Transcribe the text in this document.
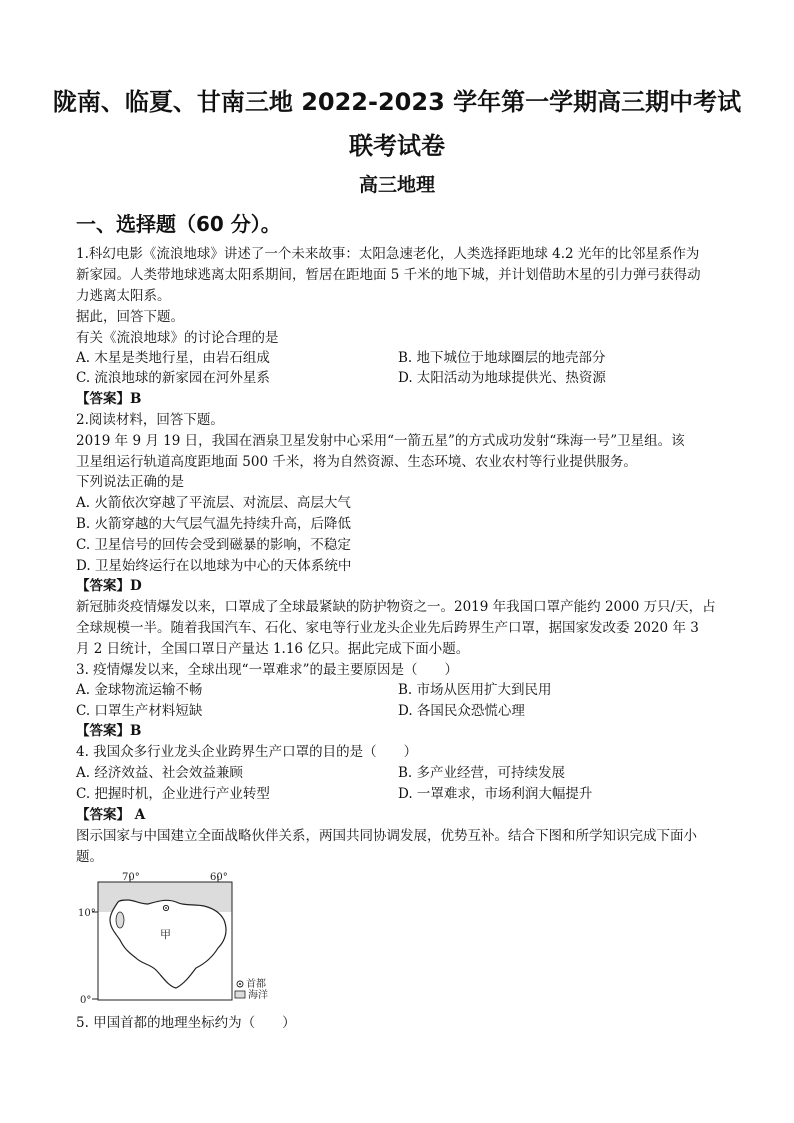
陇南、临夏、甘南三地 2022-2023 学年第一学期高三期中考试
联考试卷
高三地理
一、选择题（60 分）。
1.科幻电影《流浪地球》讲述了一个未来故事：太阳急速老化，人类选择距地球 4.2 光年的比邻星系作为
新家园。人类带地球逃离太阳系期间，暂居在距地面 5 千米的地下城，并计划借助木星的引力弹弓获得动
力逃离太阳系。
据此，回答下题。
有关《流浪地球》的讨论合理的是
A. 木星是类地行星，由岩石组成	B. 地下城位于地球圈层的地壳部分
C. 流浪地球的新家园在河外星系	D. 太阳活动为地球提供光、热资源
【答案】B
2.阅读材料，回答下题。
2019 年 9 月 19 日，我国在酒泉卫星发射中心采用“一箭五星”的方式成功发射“珠海一号”卫星组。该
卫星组运行轨道高度距地面 500 千米，将为自然资源、生态环境、农业农村等行业提供服务。
下列说法正确的是
A. 火箭依次穿越了平流层、对流层、高层大气
B. 火箭穿越的大气层气温先持续升高，后降低
C. 卫星信号的回传会受到磁暴的影响，不稳定
D. 卫星始终运行在以地球为中心的天体系统中
【答案】D
新冠肺炎疫情爆发以来，口罩成了全球最紧缺的防护物资之一。2019 年我国口罩产能约 2000 万只/天，占
全球规模一半。随着我国汽车、石化、家电等行业龙头企业先后跨界生产口罩，据国家发改委 2020 年 3
月 2 日统计，全国口罩日产量达 1.16 亿只。据此完成下面小题。
3. 疫情爆发以来，全球出现“一罩难求”的最主要原因是（　　）
A. 金球物流运输不畅	B. 市场从医用扩大到民用
C. 口罩生产材料短缺	D. 各国民众恐慌心理
【答案】B
4. 我国众多行业龙头企业跨界生产口罩的目的是（　　）
A. 经济效益、社会效益兼顾	B. 多产业经营，可持续发展
C. 把握时机，企业进行产业转型	D. 一罩难求，市场利润大幅提升
【答案】 A
图示国家与中国建立全面战略伙伴关系，两国共同协调发展，优势互补。结合下图和所学知识完成下面小
题。
70°	60°
10°
0°
甲
首都
海洋
5. 甲国首都的地理坐标约为（　　）
